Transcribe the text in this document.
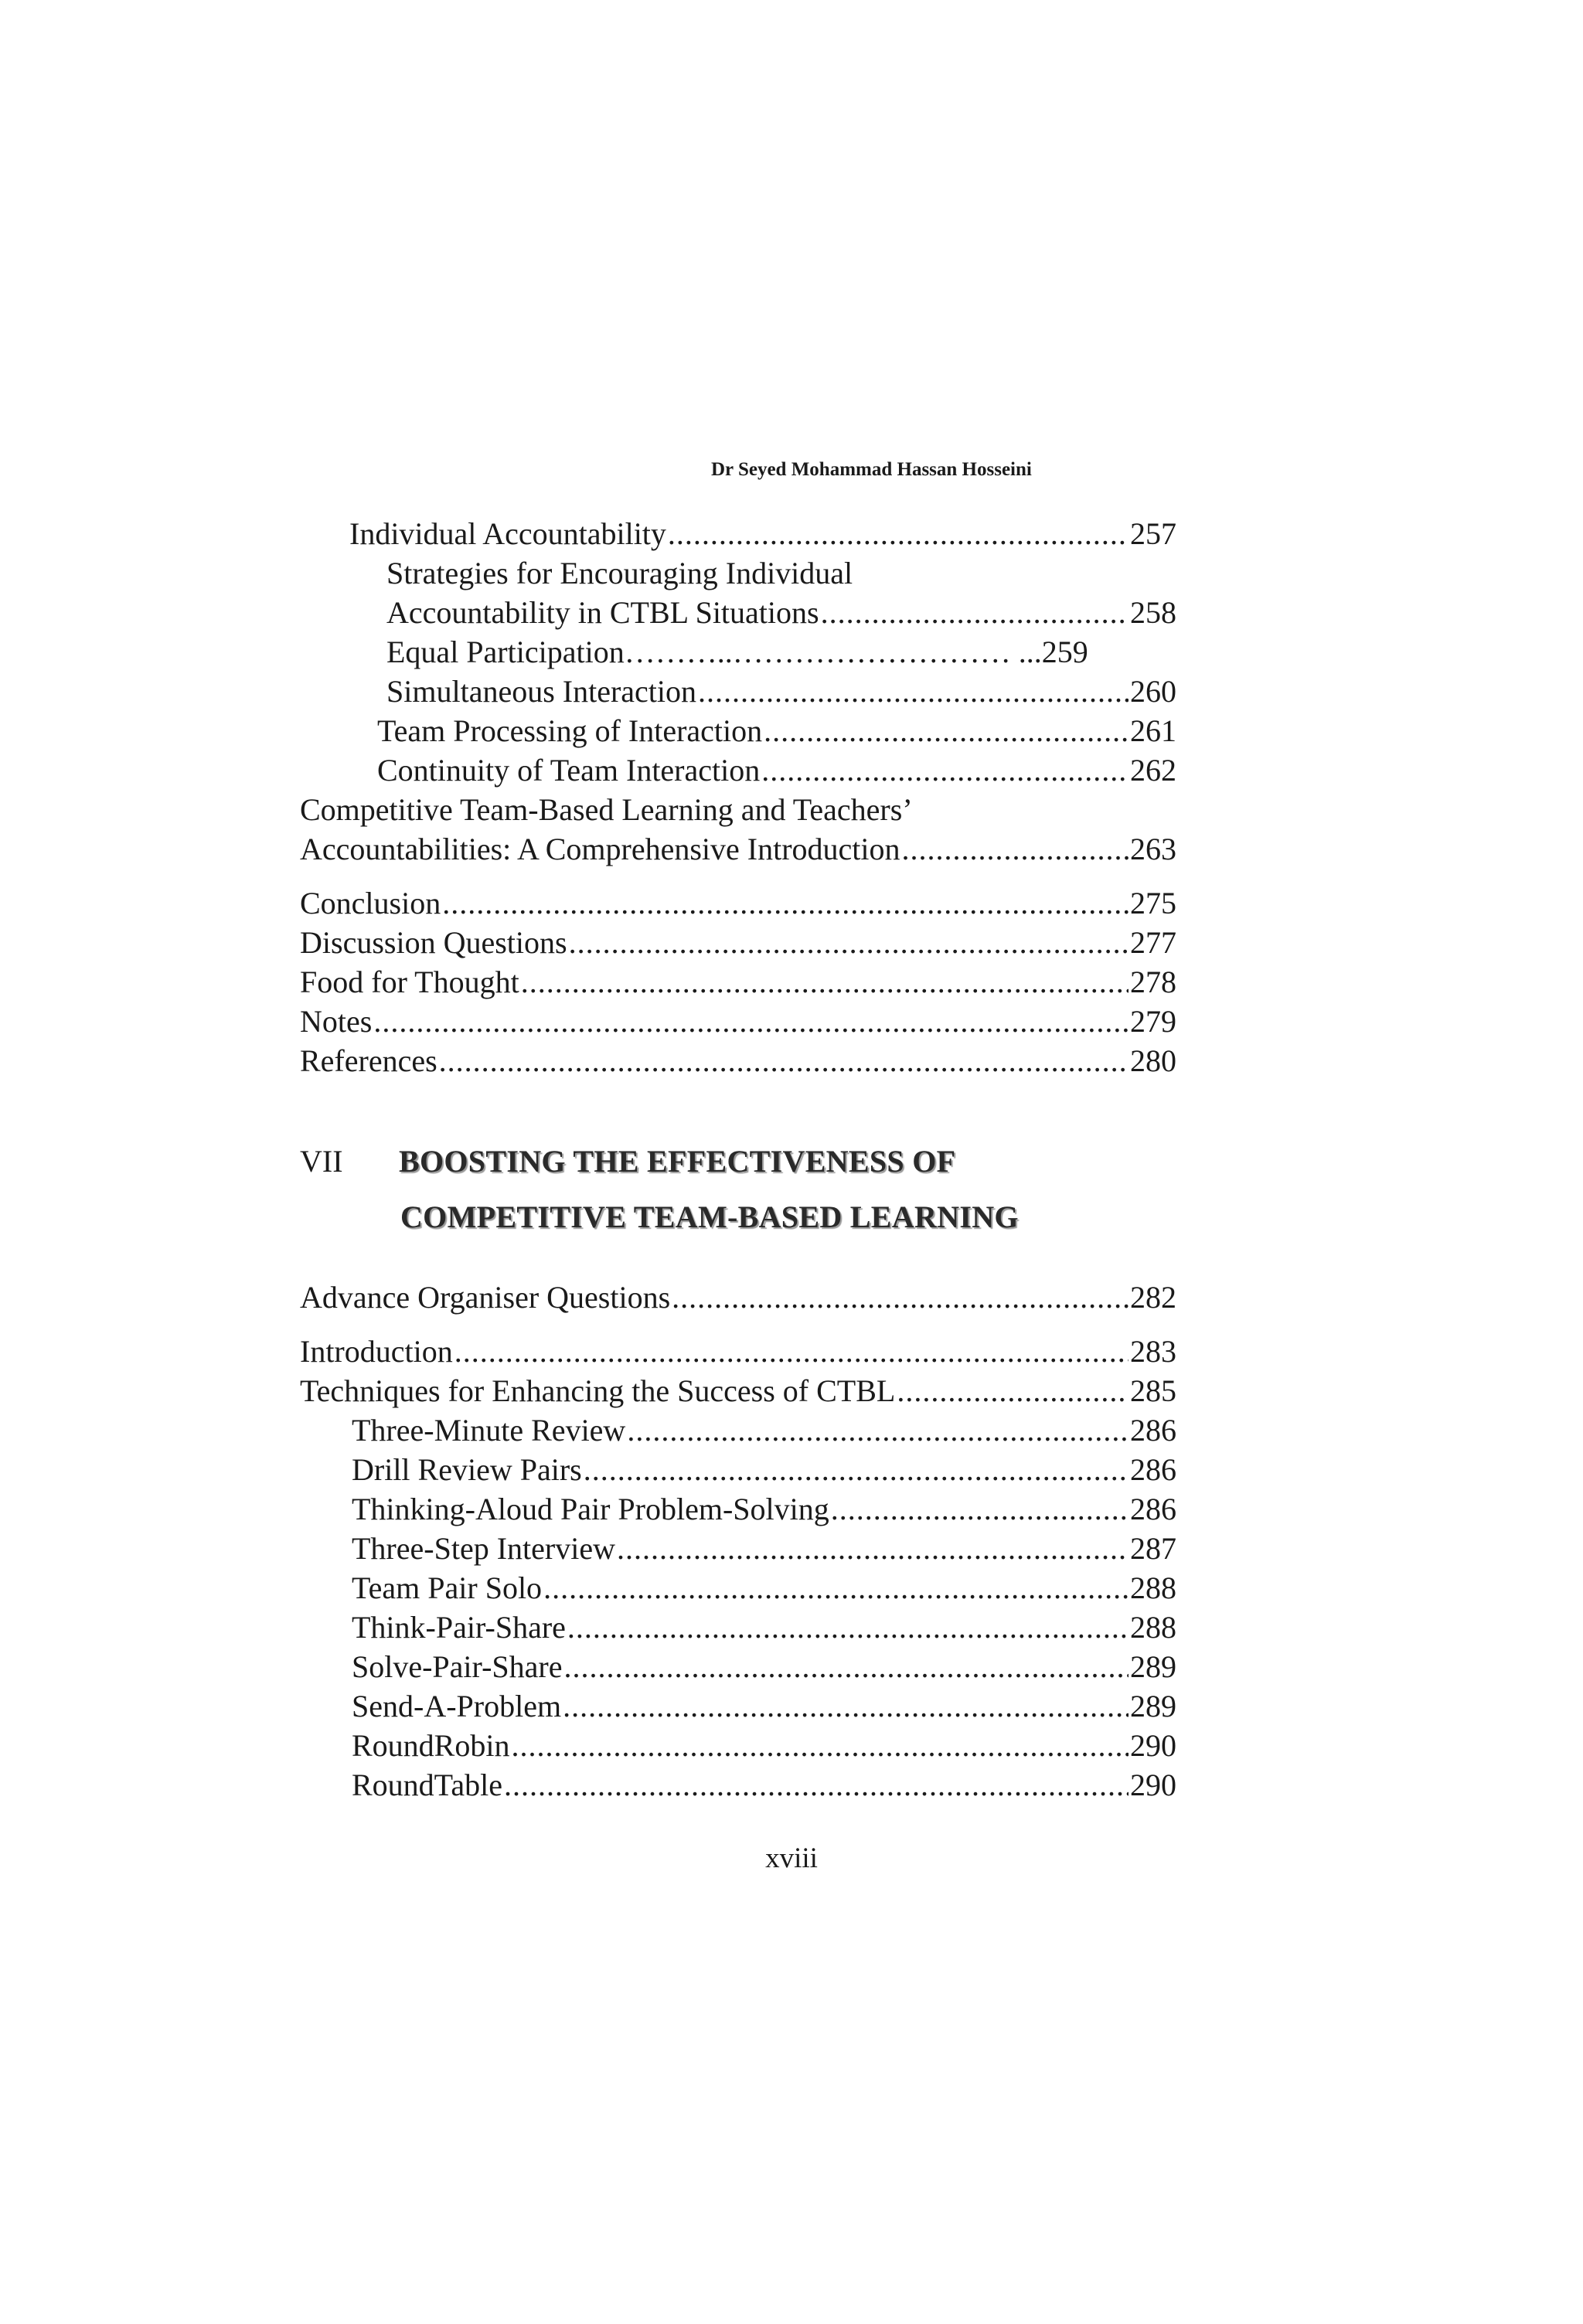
Dr Seyed Mohammad Hassan Hosseini
Individual Accountability .....	257
Strategies for Encouraging Individual
Accountability in CTBL Situations .....	258
Equal Participation………..……………………… ...259
Simultaneous Interaction .....	260
Team Processing of Interaction .....	261
Continuity of Team Interaction .....	262
Competitive Team-Based Learning and Teachers’
Accountabilities: A Comprehensive Introduction .....	263
Conclusion .....	275
Discussion Questions .....	277
Food for Thought .....	278
Notes .....	279
References .....	280
VII BOOSTING THE EFFECTIVENESS OF
COMPETITIVE TEAM-BASED LEARNING
Advance Organiser Questions .....	282
Introduction .....	283
Techniques for Enhancing the Success of CTBL .....	285
Three-Minute Review .....	286
Drill Review Pairs .....	286
Thinking-Aloud Pair Problem-Solving .....	286
Three-Step Interview .....	287
Team Pair Solo .....	288
Think-Pair-Share .....	288
Solve-Pair-Share .....	289
Send-A-Problem .....	289
RoundRobin .....	290
RoundTable .....	290
xviii
